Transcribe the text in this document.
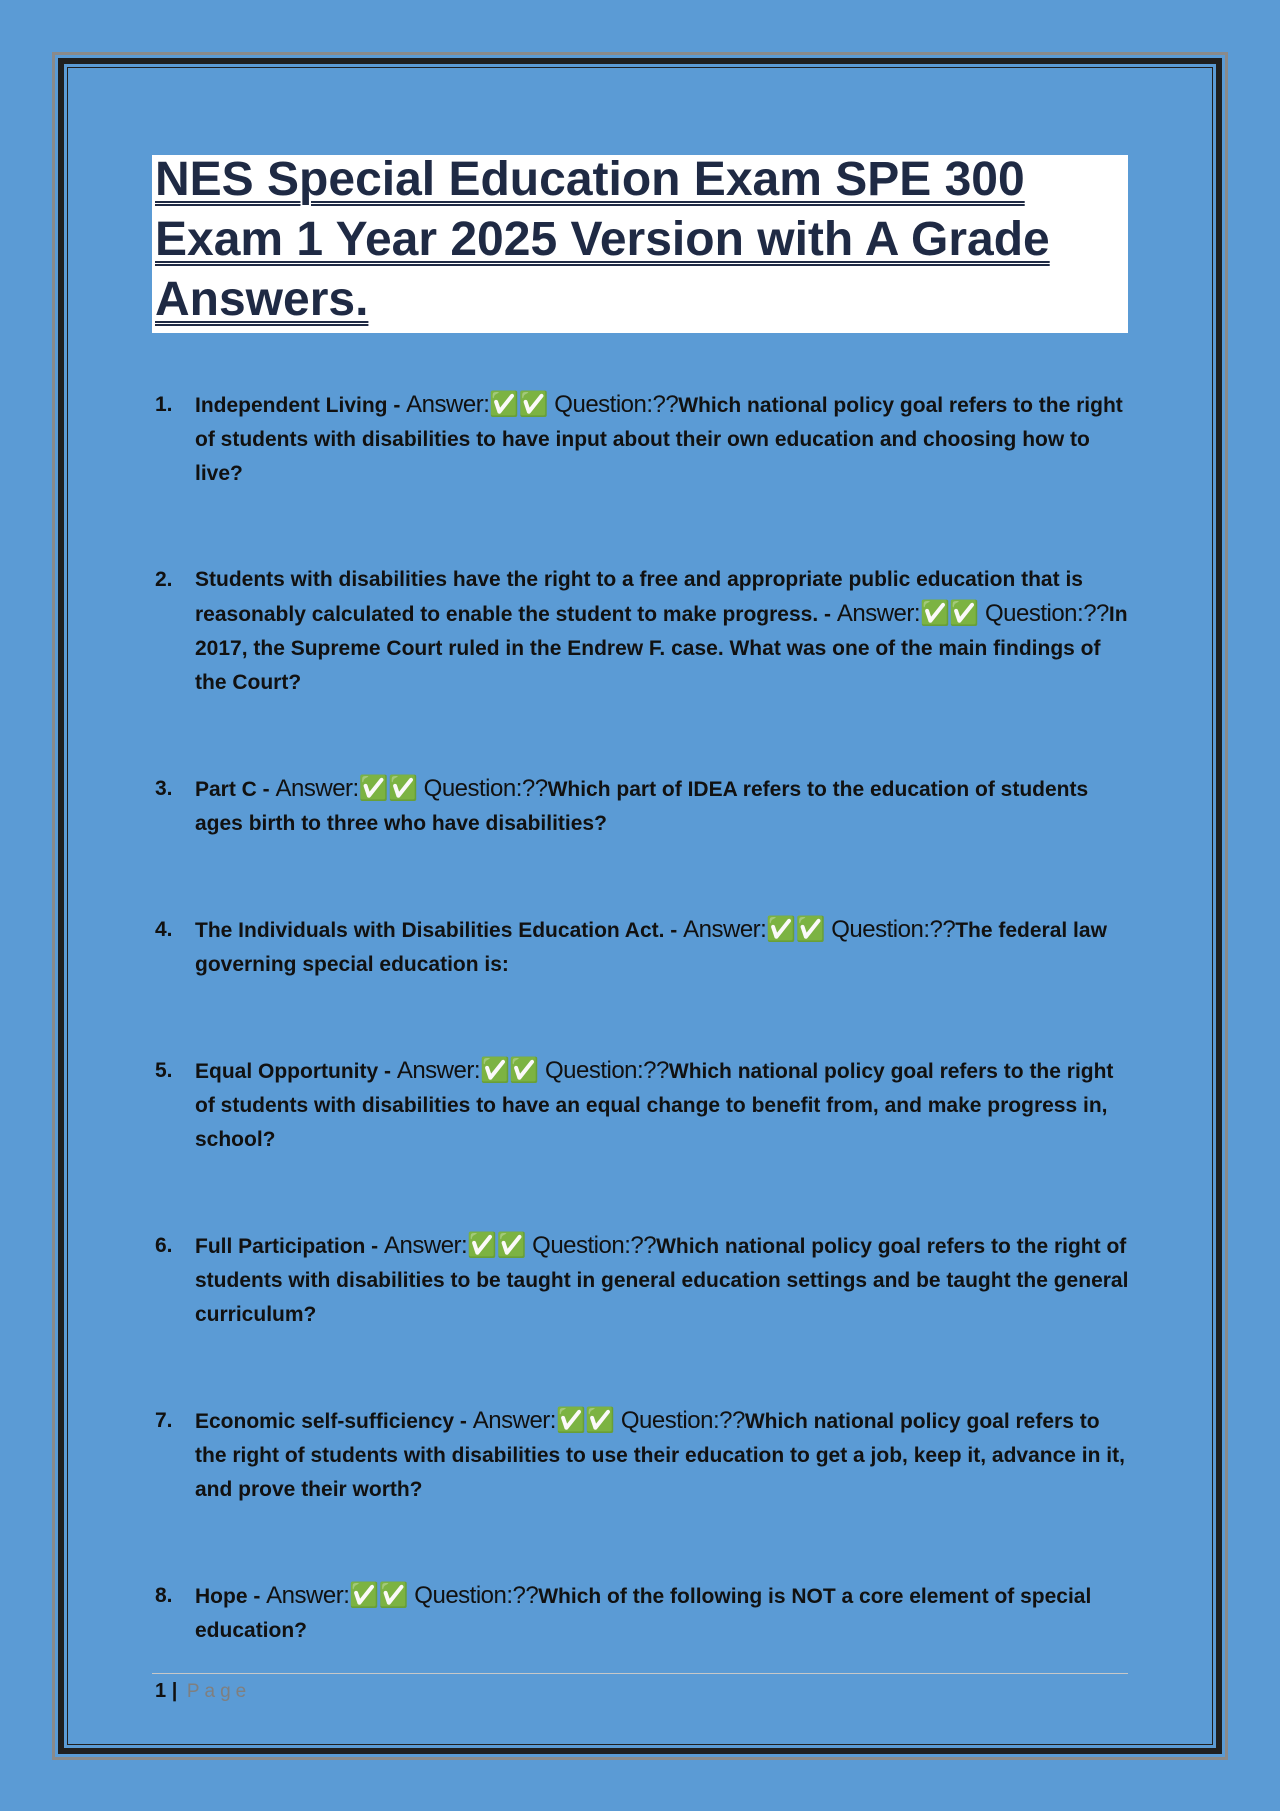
NES Special Education Exam SPE 300 Exam 1 Year 2025 Version with A Grade Answers.
1. Independent Living - Answer:✅✅ Question:??Which national policy goal refers to the right of students with disabilities to have input about their own education and choosing how to live?
2. Students with disabilities have the right to a free and appropriate public education that is reasonably calculated to enable the student to make progress. - Answer:✅✅ Question:??In 2017, the Supreme Court ruled in the Endrew F. case. What was one of the main findings of the Court?
3. Part C - Answer:✅✅ Question:??Which part of IDEA refers to the education of students ages birth to three who have disabilities?
4. The Individuals with Disabilities Education Act. - Answer:✅✅ Question:??The federal law governing special education is:
5. Equal Opportunity - Answer:✅✅ Question:??Which national policy goal refers to the right of students with disabilities to have an equal change to benefit from, and make progress in, school?
6. Full Participation - Answer:✅✅ Question:??Which national policy goal refers to the right of students with disabilities to be taught in general education settings and be taught the general curriculum?
7. Economic self-sufficiency - Answer:✅✅ Question:??Which national policy goal refers to the right of students with disabilities to use their education to get a job, keep it, advance in it, and prove their worth?
8. Hope - Answer:✅✅ Question:??Which of the following is NOT a core element of special education?
1 | Page
